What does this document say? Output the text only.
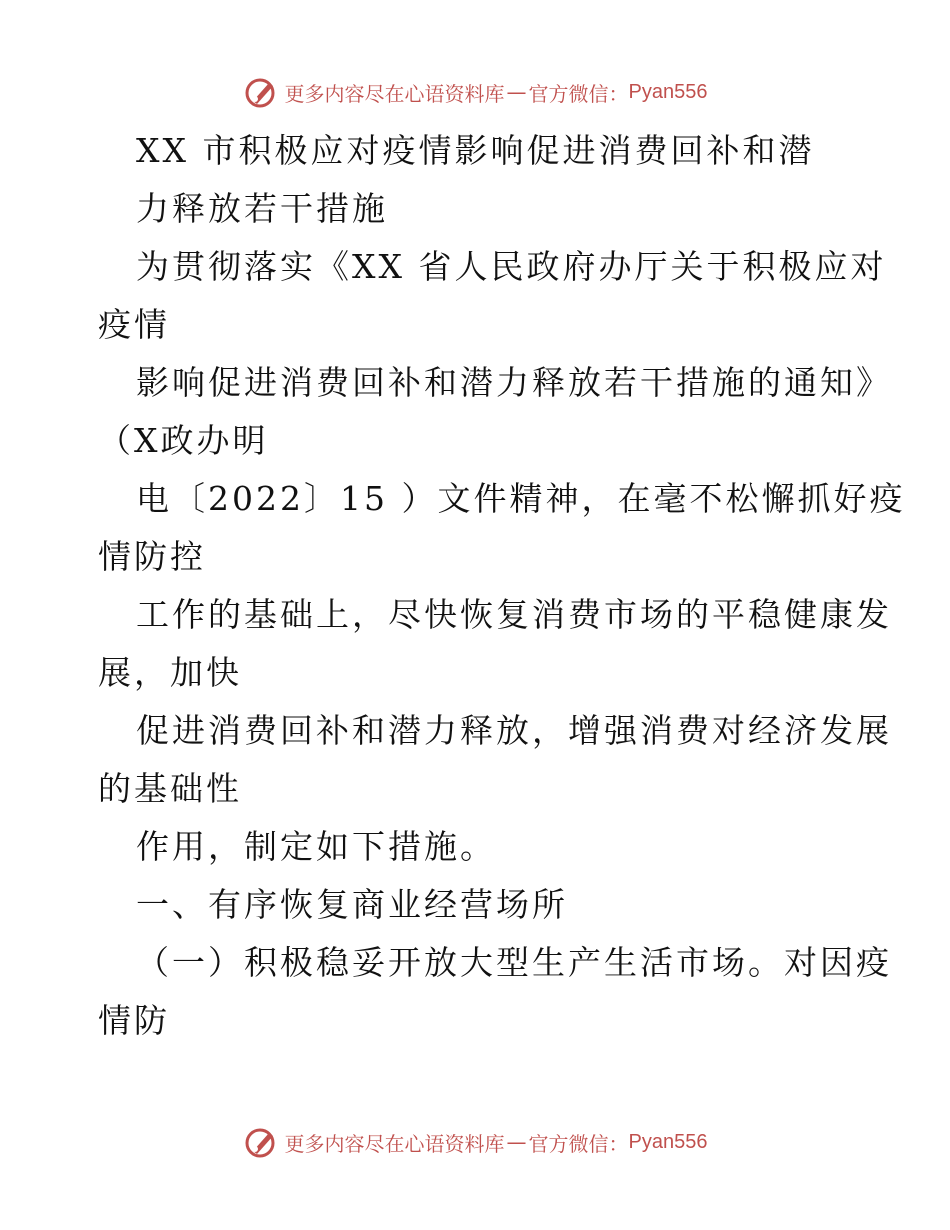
更多内容尽在心语资料库 — 官方微信： Pyan556
XX 市积极应对疫情影响促进消费回补和潜
力释放若干措施
为贯彻落实《XX 省人民政府办厅关于积极应对
疫情
影响促进消费回补和潜力释放若干措施的通知》
（X政办明
电〔2022〕15 ）文件精神，在毫不松懈抓好疫
情防控
工作的基础上，尽快恢复消费市场的平稳健康发
展，加快
促进消费回补和潜力释放，增强消费对经济发展
的基础性
作用，制定如下措施。
一、有序恢复商业经营场所
（一）积极稳妥开放大型生产生活市场。对因疫
情防
更多内容尽在心语资料库 — 官方微信： Pyan556
